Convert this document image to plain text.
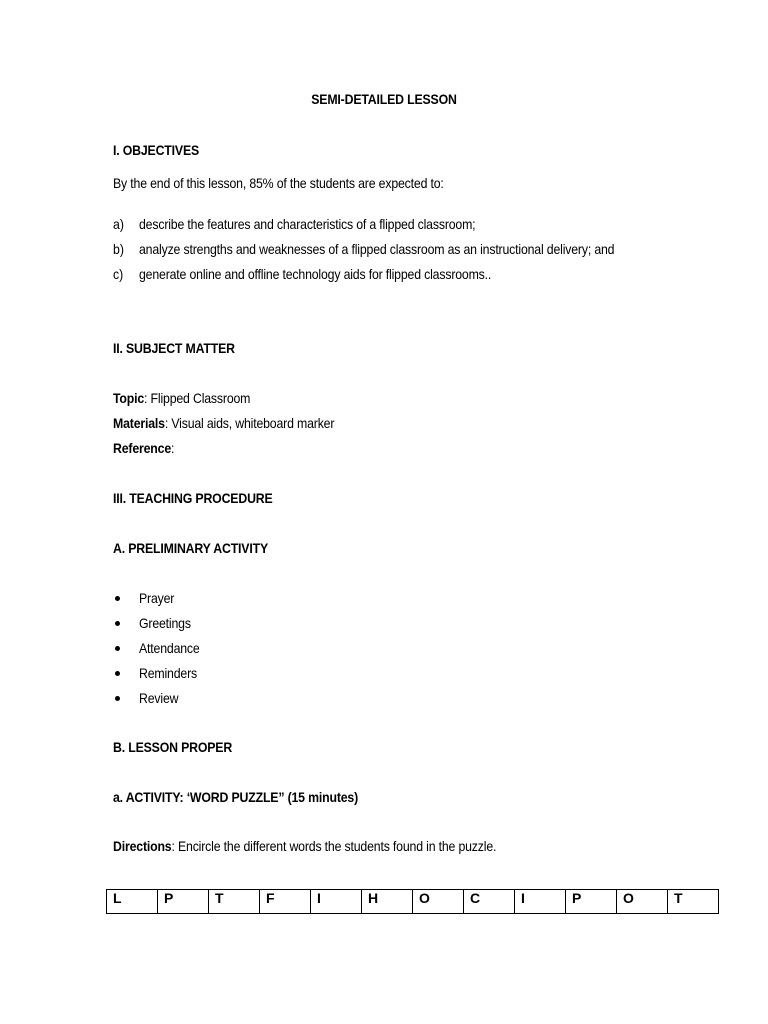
SEMI-DETAILED LESSON
I. OBJECTIVES
By the end of this lesson, 85% of the students are expected to:
a) describe the features and characteristics of a flipped classroom;
b) analyze strengths and weaknesses of a flipped classroom as an instructional delivery; and
c) generate online and offline technology aids for flipped classrooms..
II. SUBJECT MATTER
Topic: Flipped Classroom
Materials: Visual aids, whiteboard marker
Reference:
III. TEACHING PROCEDURE
A. PRELIMINARY ACTIVITY
Prayer
Greetings
Attendance
Reminders
Review
B. LESSON PROPER
a. ACTIVITY: ‘WORD PUZZLE” (15 minutes)
Directions: Encircle the different words the students found in the puzzle.
L	P	T	F	I	H	O	C	I	P	O	T
